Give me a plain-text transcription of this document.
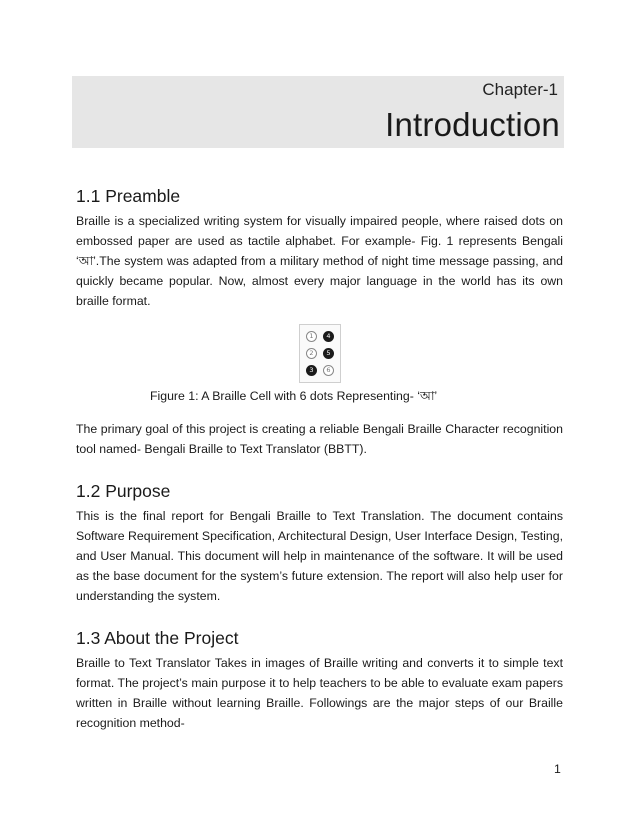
Chapter-1
Introduction
1.1 Preamble

Braille is a specialized writing system for visually impaired people, where raised dots on embossed paper are used as tactile alphabet. For example- Fig. 1 represents Bengali ‘আ’.The system was adapted from a military method of night time message passing, and quickly became popular. Now, almost every major language in the world has its own braille format.

1	4
2	5
3	6
Figure 1: A Braille Cell with 6 dots Representing- ‘আ’

The primary goal of this project is creating a reliable Bengali Braille Character recognition tool named- Bengali Braille to Text Translator (BBTT).

1.2 Purpose

This is the final report for Bengali Braille to Text Translation. The document contains Software Requirement Specification, Architectural Design, User Interface Design, Testing, and User Manual. This document will help in maintenance of the software. It will be used as the base document for the system’s future extension. The report will also help user for understanding the system.

1.3 About the Project

Braille to Text Translator Takes in images of Braille writing and converts it to simple text format. The project’s main purpose it to help teachers to be able to evaluate exam papers written in Braille without learning Braille. Followings are the major steps of our Braille recognition method-

1
